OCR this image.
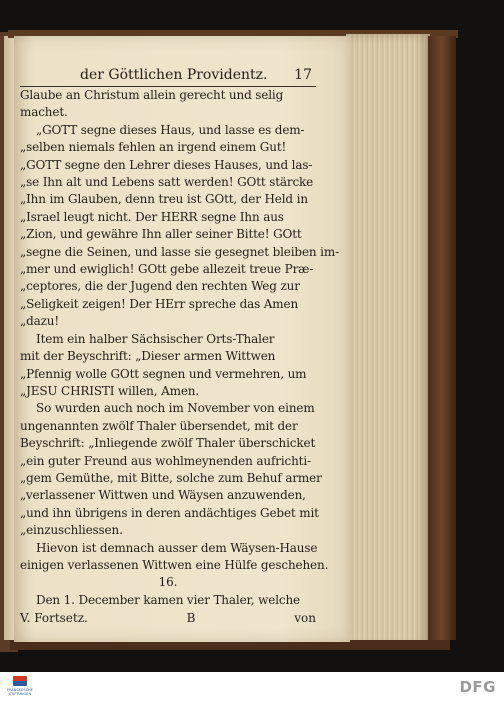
der Göttlichen Providentz. 17
Glaube an Christum allein gerecht und selig
machet.
„GOTT segne dieses Haus, und lasse es dem-
„selben niemals fehlen an irgend einem Gut!
„GOTT segne den Lehrer dieses Hauses, und las-
„se Ihn alt und Lebens satt werden! GOtt stärcke
„Ihn im Glauben, denn treu ist GOtt, der Held in
„Israel leugt nicht. Der HERR segne Ihn aus
„Zion, und gewähre Ihn aller seiner Bitte! GOtt
„segne die Seinen, und lasse sie gesegnet bleiben im-
„mer und ewiglich! GOtt gebe allezeit treue Præ-
„ceptores, die der Jugend den rechten Weg zur
„Seligkeit zeigen! Der HErr spreche das Amen
„dazu!
Item ein halber Sächsischer Orts-Thaler
mit der Beyschrift: „Dieser armen Wittwen
„Pfennig wolle GOtt segnen und vermehren, um
„JESU CHRISTI willen, Amen.
So wurden auch noch im November von einem
ungenannten zwölf Thaler übersendet, mit der
Beyschrift: „Inliegende zwölf Thaler überschicket
„ein guter Freund aus wohlmeynenden aufrichti-
„gem Gemüthe, mit Bitte, solche zum Behuf armer
„verlassener Wittwen und Wäysen anzuwenden,
„und ihn übrigens in deren andächtiges Gebet mit
„einzuschliessen.
Hievon ist demnach ausser dem Wäysen-Hause
einigen verlassenen Wittwen eine Hülfe geschehen.
16.
Den 1. December kamen vier Thaler, welche
V. Fortsetz.	B	von
FRANCKESCHE STIFTUNGEN	DFG
